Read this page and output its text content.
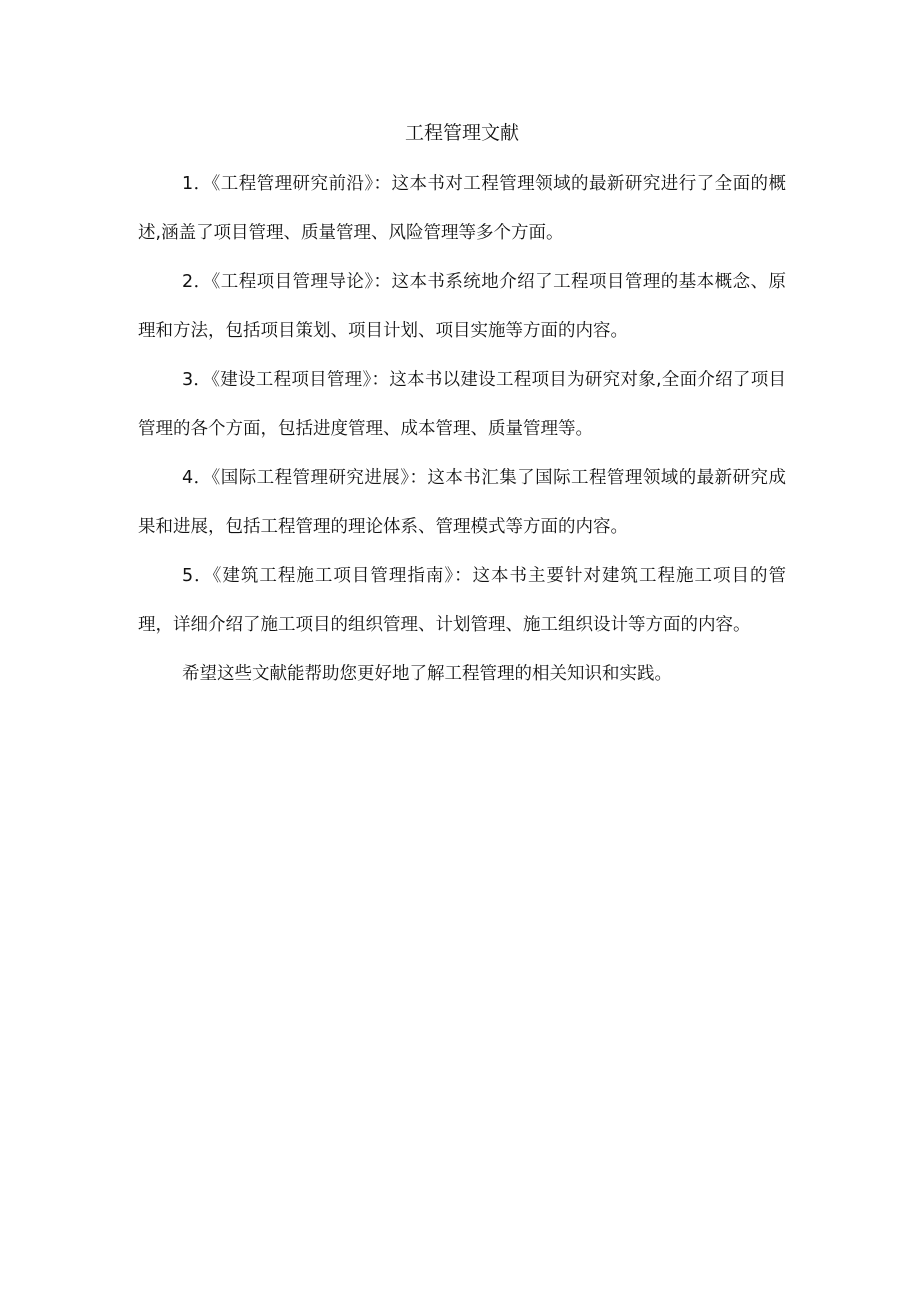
工程管理文献

1．《工程管理研究前沿》：这本书对工程管理领域的最新研究进行了全面的概述,涵盖了项目管理、质量管理、风险管理等多个方面。

2．《工程项目管理导论》：这本书系统地介绍了工程项目管理的基本概念、原理和方法，包括项目策划、项目计划、项目实施等方面的内容。

3．《建设工程项目管理》：这本书以建设工程项目为研究对象,全面介绍了项目管理的各个方面，包括进度管理、成本管理、质量管理等。

4．《国际工程管理研究进展》：这本书汇集了国际工程管理领域的最新研究成果和进展，包括工程管理的理论体系、管理模式等方面的内容。

5．《建筑工程施工项目管理指南》：这本书主要针对建筑工程施工项目的管理，详细介绍了施工项目的组织管理、计划管理、施工组织设计等方面的内容。

希望这些文献能帮助您更好地了解工程管理的相关知识和实践。
